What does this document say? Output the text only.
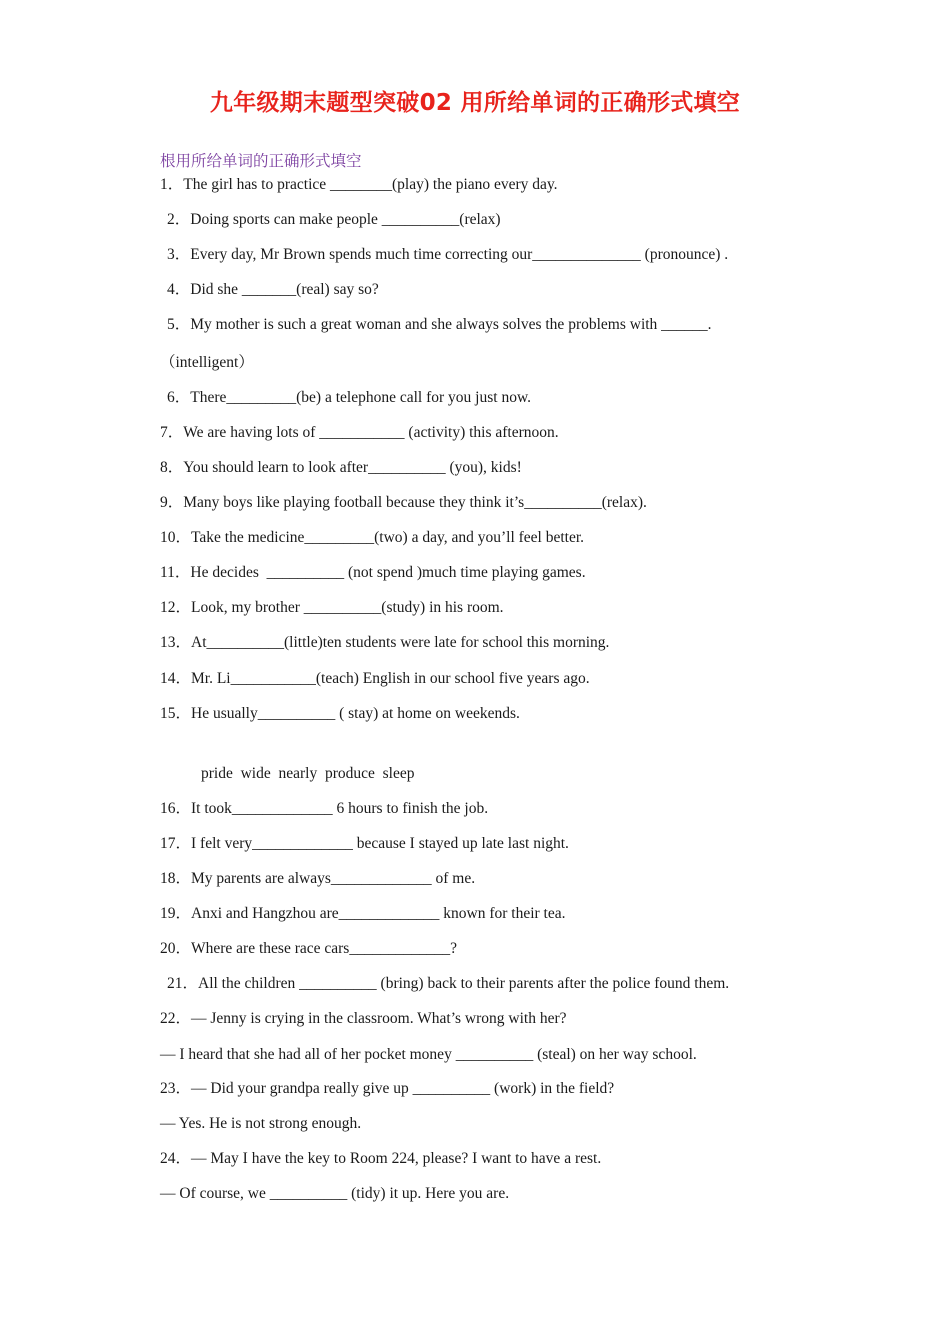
九年级期末题型突破02 用所给单词的正确形式填空
根用所给单词的正确形式填空
1．The girl has to practice ________(play) the piano every day.
2．Doing sports can make people __________(relax)
3．Every day, Mr Brown spends much time correcting our______________ (pronounce) .
4．Did she _______(real) say so?
5．My mother is such a great woman and she always solves the problems with ______.
（intelligent）
6．There_________(be) a telephone call for you just now.
7．We are having lots of ___________ (activity) this afternoon.
8．You should learn to look after__________ (you), kids!
9．Many boys like playing football because they think it’s__________(relax).
10．Take the medicine_________(two) a day, and you’ll feel better.
11．He decides  __________ (not spend )much time playing games.
12．Look, my brother __________(study) in his room.
13．At__________(little)ten students were late for school this morning.
14．Mr. Li___________(teach) English in our school five years ago.
15．He usually__________ ( stay) at home on weekends.
pride  wide  nearly  produce  sleep
16．It took_____________ 6 hours to finish the job.
17．I felt very_____________ because I stayed up late last night.
18．My parents are always_____________ of me.
19．Anxi and Hangzhou are_____________ known for their tea.
20．Where are these race cars_____________?
21．All the children __________ (bring) back to their parents after the police found them.
22．— Jenny is crying in the classroom. What’s wrong with her?
— I heard that she had all of her pocket money __________ (steal) on her way school.
23．— Did your grandpa really give up __________ (work) in the field?
— Yes. He is not strong enough.
24．— May I have the key to Room 224, please? I want to have a rest.
— Of course, we __________ (tidy) it up. Here you are.
